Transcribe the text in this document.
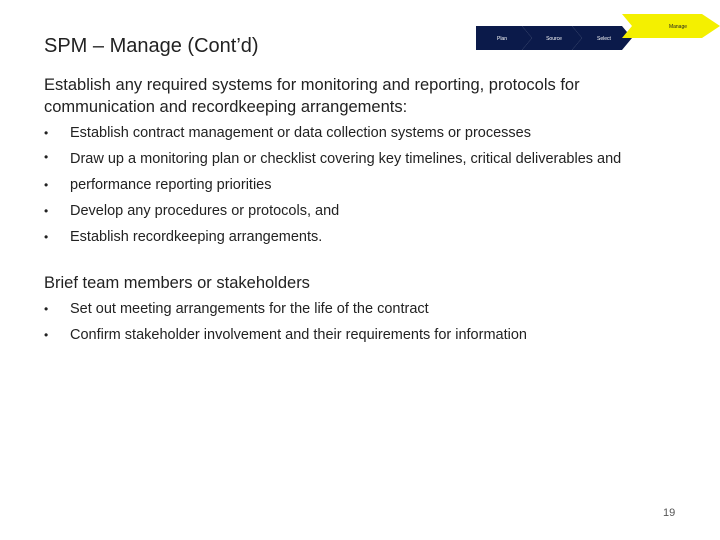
SPM – Manage (Cont’d)	Plan	Source	Select
Manage

Establish any required systems for monitoring and reporting, protocols for communication and recordkeeping arrangements:

• Establish contract management or data collection systems or processes
• Draw up a monitoring plan or checklist covering key timelines, critical deliverables and
• performance reporting priorities
• Develop any procedures or protocols, and
• Establish recordkeeping arrangements.

Brief team members or stakeholders

• Set out meeting arrangements for the life of the contract
• Confirm stakeholder involvement and their requirements for information
19
